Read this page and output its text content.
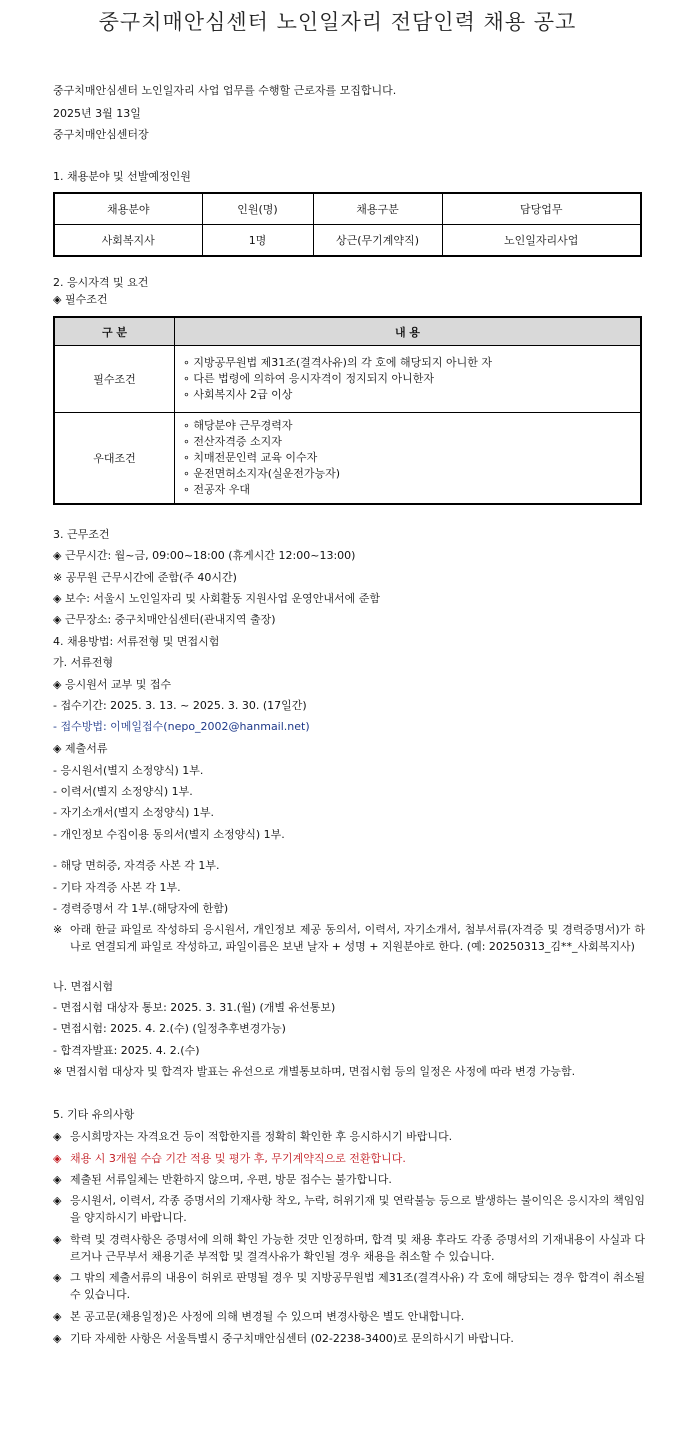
중구치매안심센터 노인일자리 전담인력 채용 공고
중구치매안심센터 노인일자리 사업 업무를 수행할 근로자를 모집합니다.
2025년 3월 13일
중구치매안심센터장
1. 채용분야 및 선발예정인원
채용분야	인원(명)	채용구분	담당업무
사회복지사	1명	상근(무기계약직)	노인일자리사업
2. 응시자격 및 요건
◈ 필수조건
구 분	내 용
필수조건	∘ 지방공무원법 제31조(결격사유)의 각 호에 해당되지 아니한 자
∘ 다른 법령에 의하여 응시자격이 정지되지 아니한자
∘ 사회복지사 2급 이상

우대조건	∘ 해당분야 근무경력자
∘ 전산자격증 소지자
∘ 치매전문인력 교육 이수자
∘ 운전면허소지자(실운전가능자)
∘ 전공자 우대
3. 근무조건
◈ 근무시간: 월~금, 09:00~18:00 (휴게시간 12:00~13:00)
※ 공무원 근무시간에 준함(주 40시간)
◈ 보수: 서울시 노인일자리 및 사회활동 지원사업 운영안내서에 준함
◈ 근무장소: 중구치매안심센터(관내지역 출장)
4. 채용방법: 서류전형 및 면접시험
가. 서류전형
◈ 응시원서 교부 및 접수
- 접수기간: 2025. 3. 13. ~ 2025. 3. 30. (17일간)
- 접수방법: 이메일접수(nepo_2002@hanmail.net)
◈ 제출서류
- 응시원서(별지 소정양식) 1부.
- 이력서(별지 소정양식) 1부.
- 자기소개서(별지 소정양식) 1부.
- 개인정보 수집이용 동의서(별지 소정양식) 1부.
- 해당 면허증, 자격증 사본 각 1부.
- 기타 자격증 사본 각 1부.
- 경력증명서 각 1부.(해당자에 한함)
※ 아래 한글 파일로 작성하되 응시원서, 개인정보 제공 동의서, 이력서, 자기소개서, 첨부서류(자격증 및 경력증명서)가 하나로 연결되게 파일로 작성하고, 파일이름은 보낸 날자 + 성명 + 지원분야로 한다. (예: 20250313_김**_사회복지사)
나. 면접시험
- 면접시험 대상자 통보: 2025. 3. 31.(월) (개별 유선통보)
- 면접시험: 2025. 4. 2.(수) (일정추후변경가능)
- 합격자발표: 2025. 4. 2.(수)
※ 면접시험 대상자 및 합격자 발표는 유선으로 개별통보하며, 면접시험 등의 일정은 사정에 따라 변경 가능함.
5. 기타 유의사항
◈ 응시희망자는 자격요건 등이 적합한지를 정확히 확인한 후 응시하시기 바랍니다.
◈ 채용 시 3개월 수습 기간 적용 및 평가 후, 무기계약직으로 전환합니다.
◈ 제출된 서류일체는 반환하지 않으며, 우편, 방문 접수는 불가합니다.
◈ 응시원서, 이력서, 각종 증명서의 기재사항 착오, 누락, 허위기재 및 연락불능 등으로 발생하는 불이익은 응시자의 책임임을 양지하시기 바랍니다.
◈ 학력 및 경력사항은 증명서에 의해 확인 가능한 것만 인정하며, 합격 및 채용 후라도 각종 증명서의 기재내용이 사실과 다르거나 근무부서 채용기준 부적합 및 결격사유가 확인될 경우 채용을 취소할 수 있습니다.
◈ 그 밖의 제출서류의 내용이 허위로 판명될 경우 및 지방공무원법 제31조(결격사유) 각 호에 해당되는 경우 합격이 취소될 수 있습니다.
◈ 본 공고문(채용일정)은 사정에 의해 변경될 수 있으며 변경사항은 별도 안내합니다.
◈ 기타 자세한 사항은 서울특별시 중구치매안심센터 (02-2238-3400)로 문의하시기 바랍니다.
